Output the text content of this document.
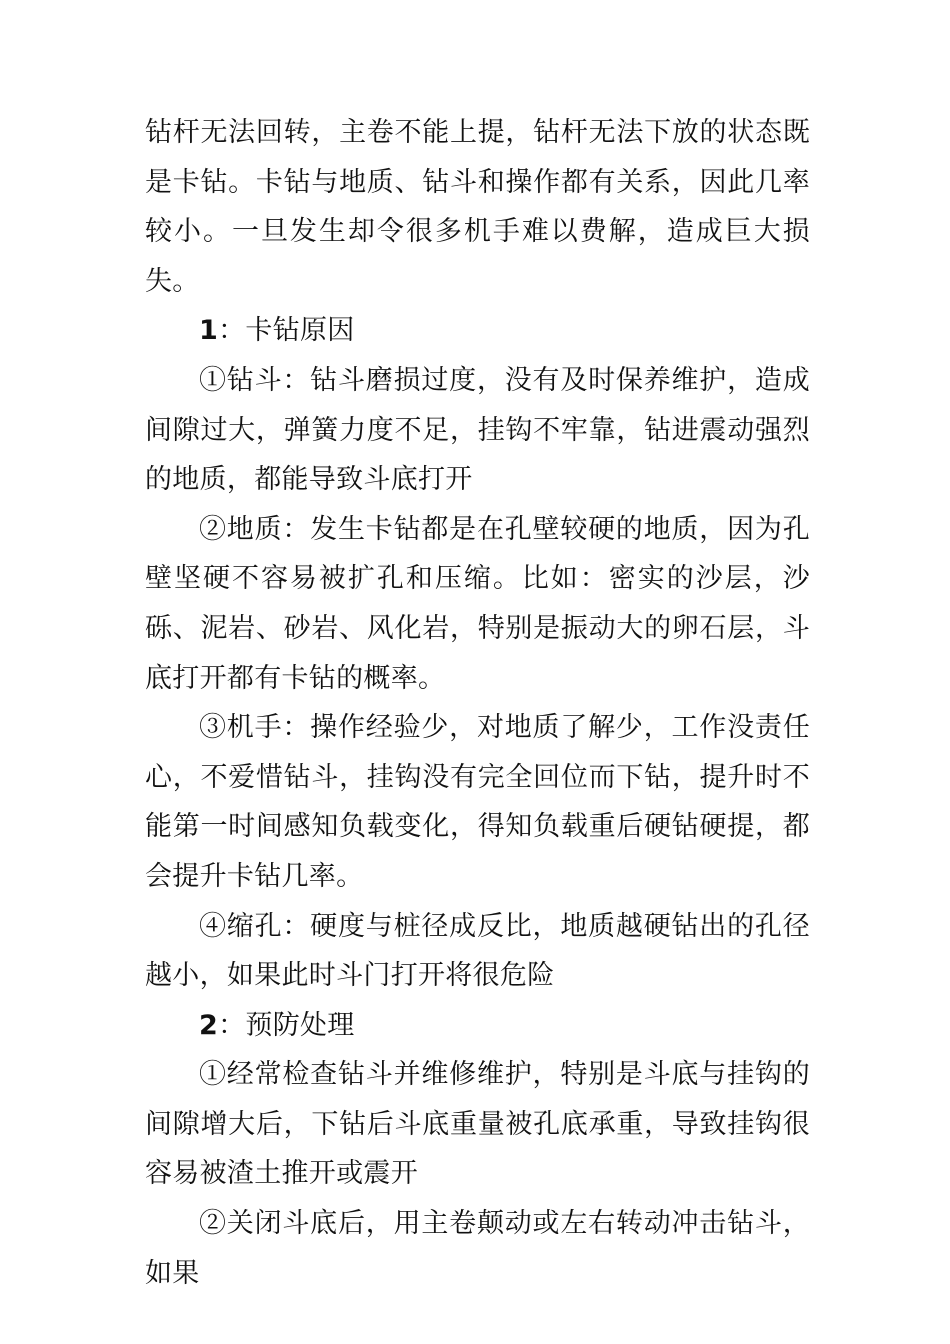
钻杆无法回转，主卷不能上提，钻杆无法下放的状态既是卡钻。卡钻与地质、钻斗和操作都有关系，因此几率较小。一旦发生却令很多机手难以费解，造成巨大损失。

1：卡钻原因

①钻斗：钻斗磨损过度，没有及时保养维护，造成间隙过大，弹簧力度不足，挂钩不牢靠，钻进震动强烈的地质，都能导致斗底打开

②地质：发生卡钻都是在孔壁较硬的地质，因为孔壁坚硬不容易被扩孔和压缩。比如：密实的沙层，沙砾、泥岩、砂岩、风化岩，特别是振动大的卵石层，斗底打开都有卡钻的概率。

③机手：操作经验少，对地质了解少，工作没责任心，不爱惜钻斗，挂钩没有完全回位而下钻，提升时不能第一时间感知负载变化，得知负载重后硬钻硬提，都会提升卡钻几率。

④缩孔：硬度与桩径成反比，地质越硬钻出的孔径越小，如果此时斗门打开将很危险

2：预防处理

①经常检查钻斗并维修维护，特别是斗底与挂钩的间隙增大后，下钻后斗底重量被孔底承重，导致挂钩很容易被渣土推开或震开

②关闭斗底后，用主卷颠动或左右转动冲击钻斗，如果
